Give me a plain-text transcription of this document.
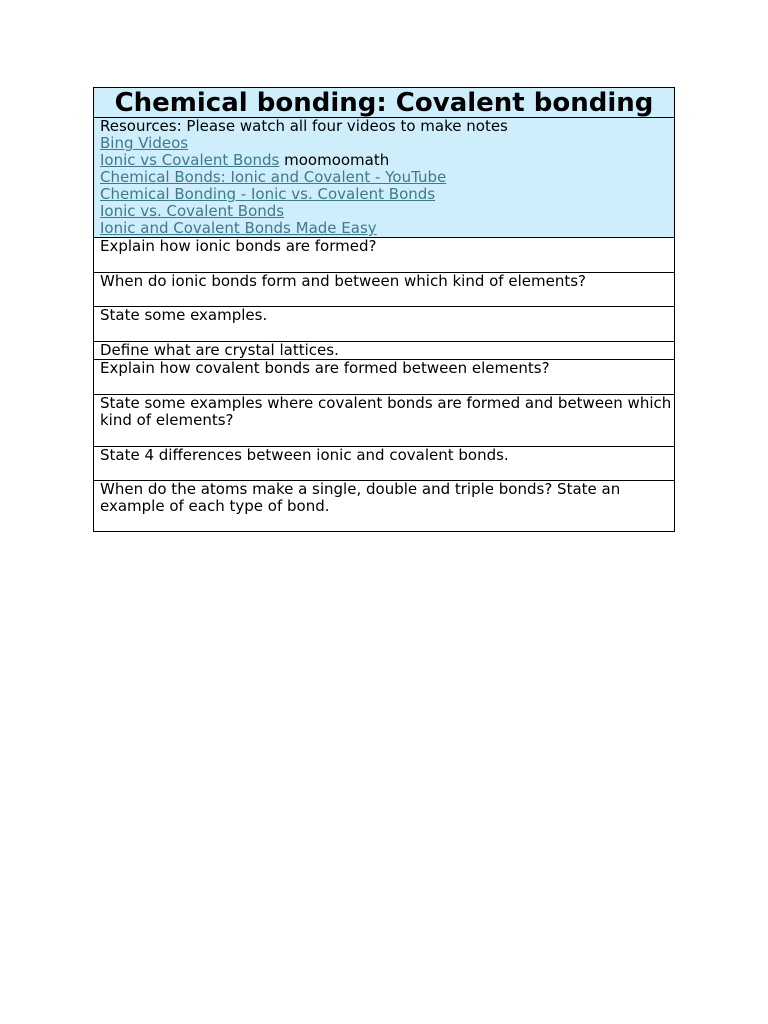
Chemical bonding: Covalent bonding

Resources: Please watch all four videos to make notes
Bing Videos
Ionic vs Covalent Bonds moomoomath
Chemical Bonds: Ionic and Covalent - YouTube
Chemical Bonding - Ionic vs. Covalent Bonds
Ionic vs. Covalent Bonds
Ionic and Covalent Bonds Made Easy

Explain how ionic bonds are formed?
When do ionic bonds form and between which kind of elements?
State some examples.
Define what are crystal lattices.
Explain how covalent bonds are formed between elements?
State some examples where covalent bonds are formed and between which kind of elements?
State 4 differences between ionic and covalent bonds.
When do the atoms make a single, double and triple bonds? State an example of each type of bond.
